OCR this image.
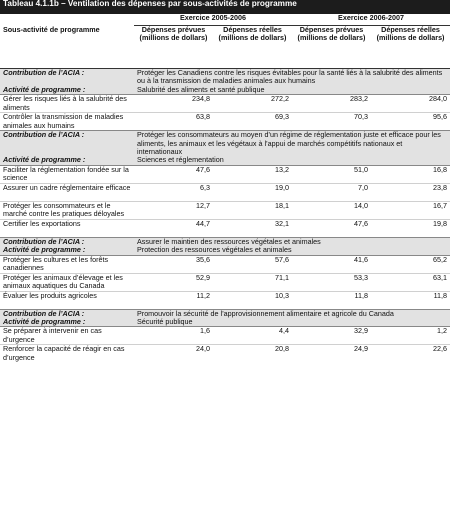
Tableau 4.1.1b – Ventilation des dépenses par sous-activités de programme				
	Exercice 2005-2006		Exercice 2006-2007	
Sous-activité de programme	Dépenses prévues (millions de dollars)	Dépenses réelles (millions de dollars)	Dépenses prévues (millions de dollars)	Dépenses réelles (millions de dollars)
Contribution de l’ACIA :	Protéger les Canadiens contre les risques évitables pour la santé liés à la salubrité des aliments ou à la transmission de maladies animales aux humains			
Activité de programme :	Salubrité des aliments et santé publique			
Gérer les risques liés à la salubrité des aliments	234,8	272,2	283,2	284,0
Contrôler la transmission de maladies animales aux humains	63,8	69,3	70,3	95,6
Contribution de l’ACIA :	Protéger les consommateurs au moyen d’un régime de réglementation juste et efficace pour les aliments, les animaux et les végétaux à l’appui de marchés compétitifs nationaux et internationaux			
Activité de programme :	Sciences et réglementation			
Faciliter la réglementation fondée sur la science	47,6	13,2	51,0	16,8
Assurer un cadre réglementaire efficace	6,3	19,0	7,0	23,8
Protéger les consommateurs et le marché contre les pratiques déloyales	12,7	18,1	14,0	16,7
Certifier les exportations	44,7	32,1	47,6	19,8
Contribution de l’ACIA :	Assurer le maintien des ressources végétales et animales			
Activité de programme :	Protection des ressources végétales et animales			
Protéger les cultures et les forêts canadiennes	35,6	57,6	41,6	65,2
Protéger les animaux d’élevage et les animaux aquatiques du Canada	52,9	71,1	53,3	63,1
Évaluer les produits agricoles	11,2	10,3	11,8	11,8
Contribution de l’ACIA :	Promouvoir la sécurité de l’approvisionnement alimentaire et agricole du Canada			
Activité de programme :	Sécurité publique			
Se préparer à intervenir en cas d’urgence	1,6	4,4	32,9	1,2
Renforcer la capacité de réagir en cas d’urgence	24,0	20,8	24,9	22,6
